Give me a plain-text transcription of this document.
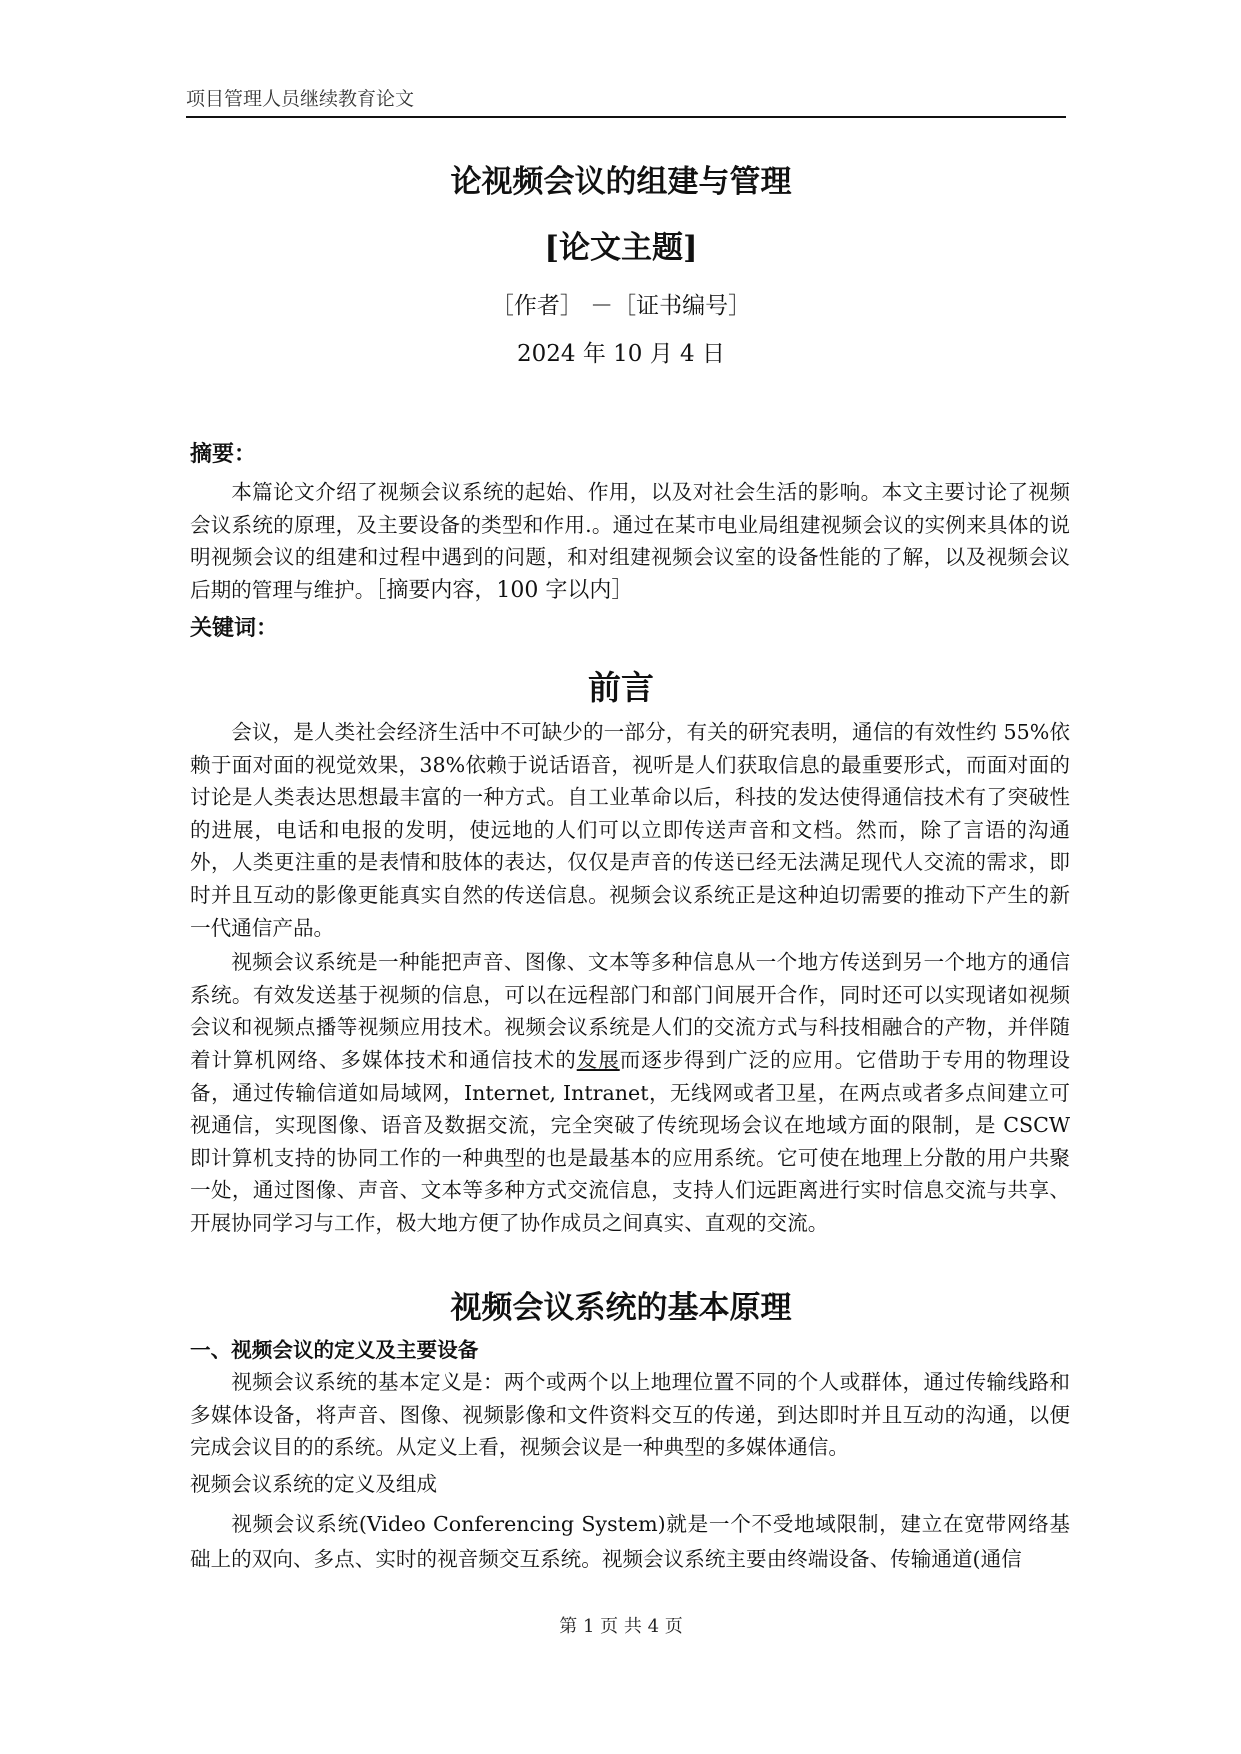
项目管理人员继续教育论文
论视频会议的组建与管理
[论文主题]
［作者］ －［证书编号］
2024 年 10 月 4 日
摘要：

本篇论文介绍了视频会议系统的起始、作用，以及对社会生活的影响。本文主要讨论了视频会议系统的原理，及主要设备的类型和作用.。通过在某市电业局组建视频会议的实例来具体的说明视频会议的组建和过程中遇到的问题，和对组建视频会议室的设备性能的了解，以及视频会议后期的管理与维护。［摘要内容，100 字以内］

关键词：
前言

会议，是人类社会经济生活中不可缺少的一部分，有关的研究表明，通信的有效性约 55%依赖于面对面的视觉效果，38%依赖于说话语音，视听是人们获取信息的最重要形式，而面对面的讨论是人类表达思想最丰富的一种方式。自工业革命以后，科技的发达使得通信技术有了突破性的进展，电话和电报的发明，使远地的人们可以立即传送声音和文档。然而，除了言语的沟通外，人类更注重的是表情和肢体的表达，仅仅是声音的传送已经无法满足现代人交流的需求，即时并且互动的影像更能真实自然的传送信息。视频会议系统正是这种迫切需要的推动下产生的新一代通信产品。

视频会议系统是一种能把声音、图像、文本等多种信息从一个地方传送到另一个地方的通信系统。有效发送基于视频的信息，可以在远程部门和部门间展开合作，同时还可以实现诸如视频会议和视频点播等视频应用技术。视频会议系统是人们的交流方式与科技相融合的产物，并伴随着计算机网络、多媒体技术和通信技术的发展而逐步得到广泛的应用。它借助于专用的物理设备，通过传输信道如局域网，Internet, Intranet，无线网或者卫星，在两点或者多点间建立可视通信，实现图像、语音及数据交流，完全突破了传统现场会议在地域方面的限制，是 CSCW 即计算机支持的协同工作的一种典型的也是最基本的应用系统。它可使在地理上分散的用户共聚一处，通过图像、声音、文本等多种方式交流信息，支持人们远距离进行实时信息交流与共享、开展协同学习与工作，极大地方便了协作成员之间真实、直观的交流。

视频会议系统的基本原理
一、视频会议的定义及主要设备

视频会议系统的基本定义是：两个或两个以上地理位置不同的个人或群体，通过传输线路和多媒体设备，将声音、图像、视频影像和文件资料交互的传递，到达即时并且互动的沟通，以便完成会议目的的系统。从定义上看，视频会议是一种典型的多媒体通信。

视频会议系统的定义及组成

视频会议系统(Video Conferencing System)就是一个不受地域限制，建立在宽带网络基础上的双向、多点、实时的视音频交互系统。视频会议系统主要由终端设备、传输通道(通信

第 1 页 共 4 页
